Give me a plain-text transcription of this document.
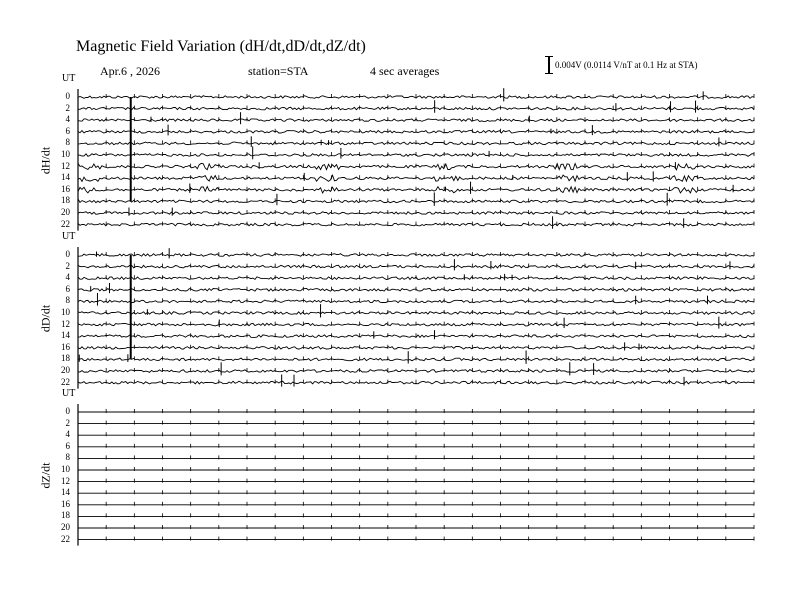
Magnetic Field Variation (dH/dt,dD/dt,dZ/dt)
Apr.6 , 2026	station=STA	4 sec averages	0.004V (0.0114 V/nT at 0.1 Hz at STA)
UT
dH/dt
0
2
4
6
8
10
12
14
16
18
20
22
UT
dD/dt
0
2
4
6
8
10
12
14
16
18
20
22
UT
dZ/dt
0
2
4
6
8
10
12
14
16
18
20
22
